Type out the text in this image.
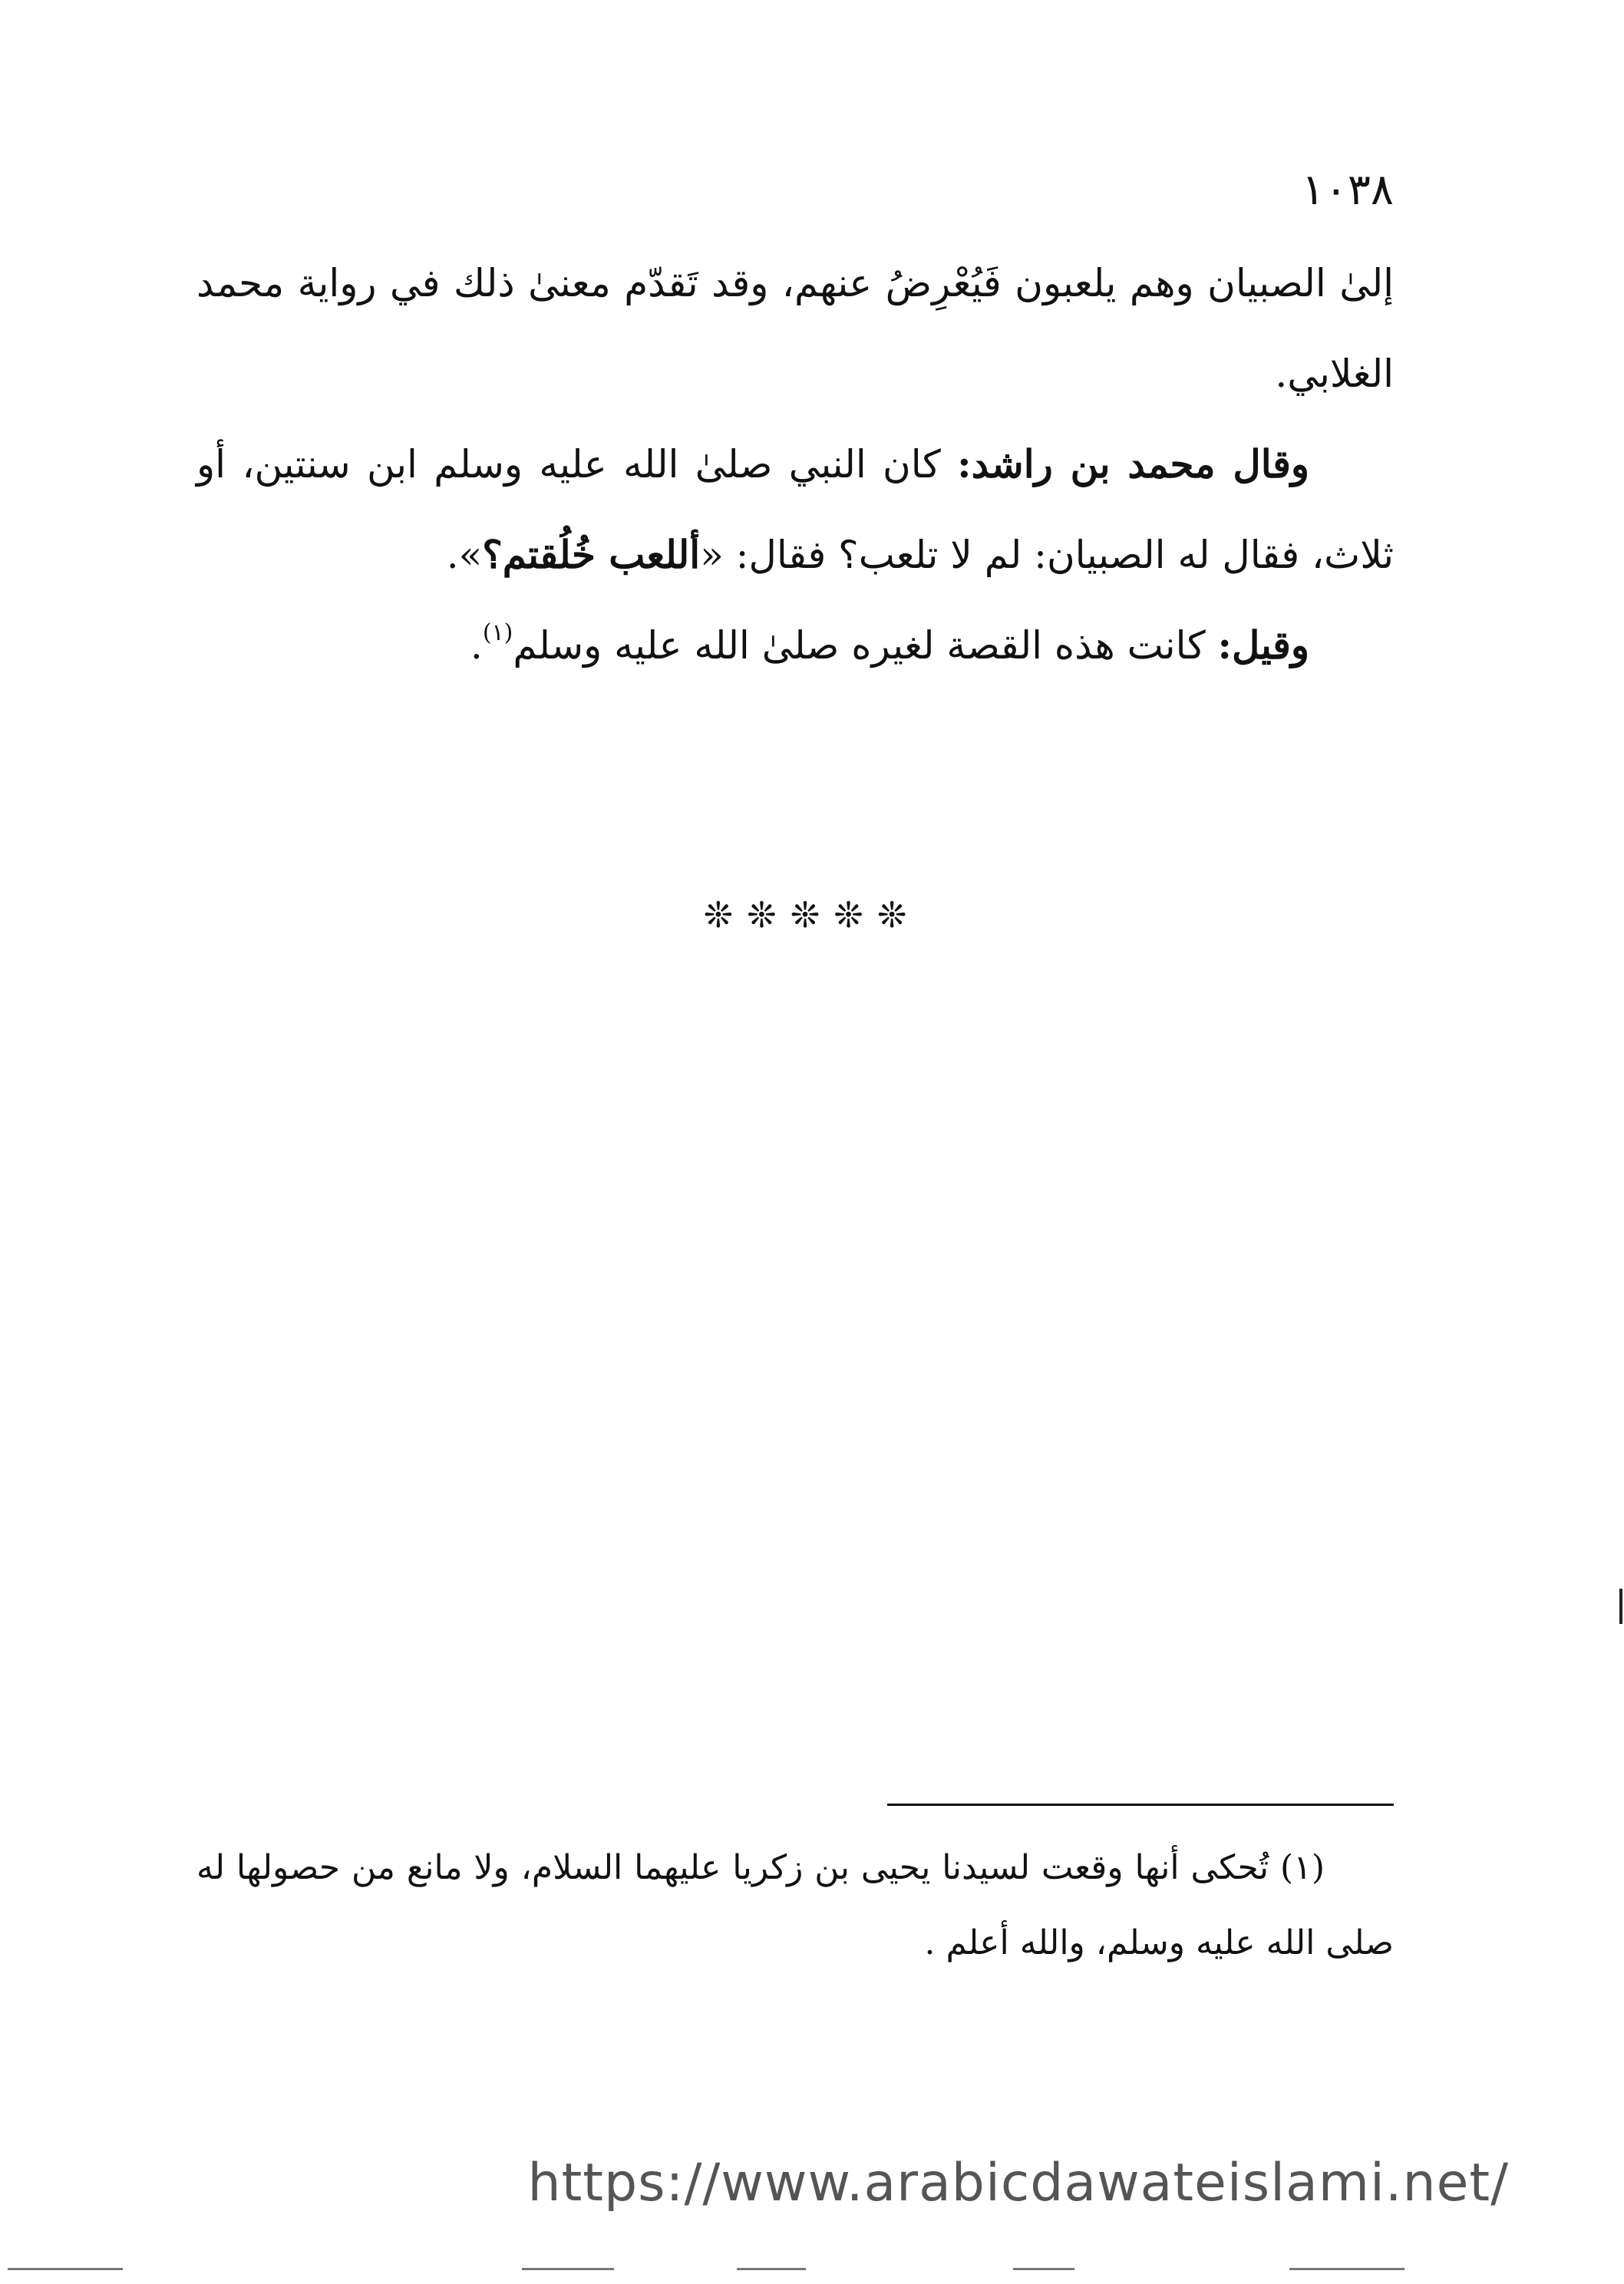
١٠٣٨

إلىٰ الصبيان وهم يلعبون فَيُعْرِضُ عنهم، وقد تَقدّم معنىٰ ذلك في رواية محمد الغلابي.

وقال محمد بن راشد: كان النبي صلىٰ الله عليه وسلم ابن سنتين، أو ثلاث، فقال له الصبيان: لم لا تلعب؟ فقال: «أللعب خُلُقتم؟».

وقيل: كانت هذه القصة لغيره صلىٰ الله عليه وسلم$^{(١)}$.

❊❊❊❊❊

(١) تُحكى أنها وقعت لسيدنا يحيى بن زكريا عليهما السلام، ولا مانع من حصولها له صلى الله عليه وسلم، والله أعلم .

https://www.arabicdawateislami.net/
